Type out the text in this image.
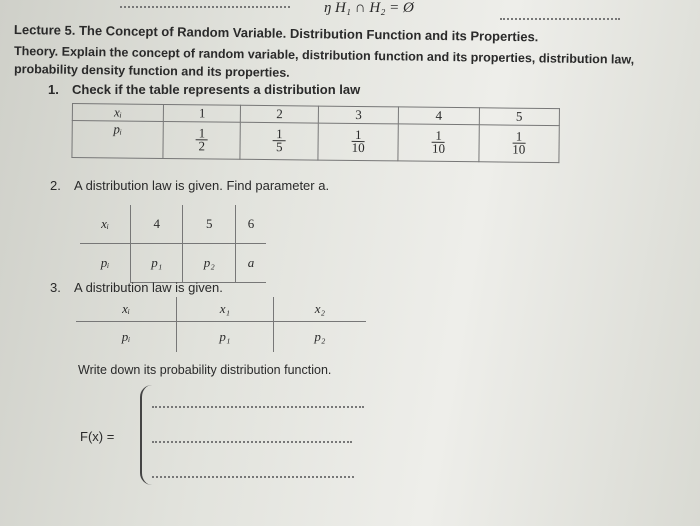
ŋ H₁ ∩ H₂ = Ø
Lecture 5. The Concept of Random Variable. Distribution Function and its Properties.
Theory. Explain the concept of random variable, distribution function and its properties, distribution law,
probability density function and its properties.
1. Check if the table represents a distribution law
xᵢ	1	2	3	4	5
pᵢ	$\frac{1}{2}$	$\frac{1}{5}$	$\frac{1}{10}$	$\frac{1}{10}$	$\frac{1}{10}$
2. A distribution law is given. Find parameter a.
xᵢ	4	5	6
pᵢ	p₁	p₂	a
3. A distribution law is given.
xᵢ	x₁	x₂
pᵢ	p₁	p₂
Write down its probability distribution function.
F(x) =
